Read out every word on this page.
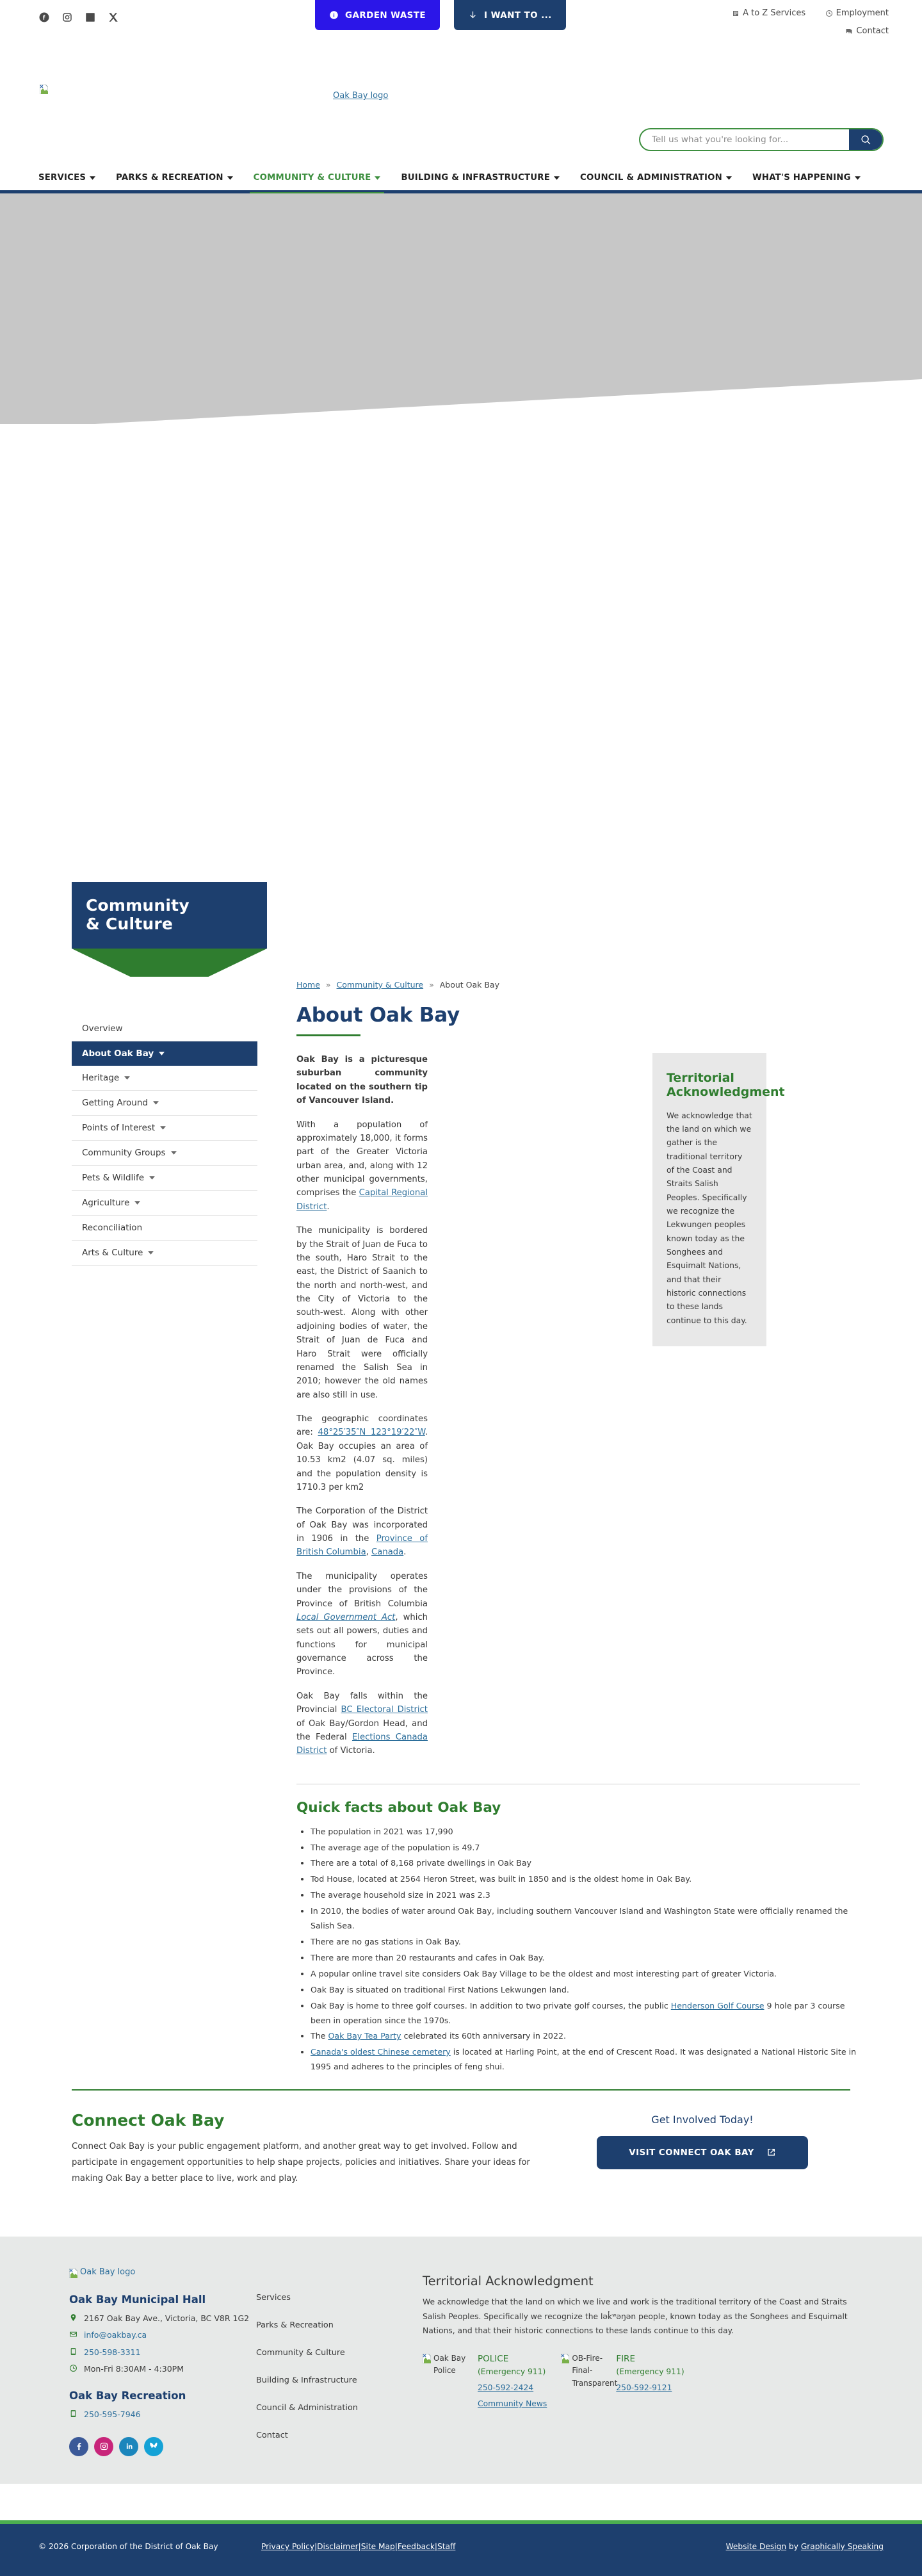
GARDEN WASTE	I WANT TO ...	A to Z Services
	Employment

Contact
Oak Bay logo
Tell us what you're looking for...
SERVICES	PARKS & RECREATION	COMMUNITY & CULTURE	BUILDING & INFRASTRUCTURE	COUNCIL & ADMINISTRATION	WHAT'S HAPPENING
Community
& Culture
Home » Community & Culture » About Oak Bay
Overview
About Oak Bay
Heritage
Getting Around
Points of Interest
Community Groups
Pets & Wildlife
Agriculture
Reconciliation
Arts & Culture
About Oak Bay
Territorial Acknowledgment

We acknowledge that the land on which we gather is the traditional territory of the Coast and Straits Salish Peoples. Specifically we recognize the Lekwungen peoples known today as the Songhees and Esquimalt Nations, and that their historic connections to these lands continue to this day.

Oak Bay is a picturesque suburban community located on the southern tip of Vancouver Island.

With a population of approximately 18,000, it forms part of the Greater Victoria urban area, and, along with 12 other municipal governments, comprises the Capital Regional District.

The municipality is bordered by the Strait of Juan de Fuca to the south, Haro Strait to the east, the District of Saanich to the north and north-west, and the City of Victoria to the south-west. Along with other adjoining bodies of water, the Strait of Juan de Fuca and Haro Strait were officially renamed the Salish Sea in 2010; however the old names are also still in use.

The geographic coordinates are: 48°25′35″N 123°19′22″W. Oak Bay occupies an area of 10.53 km2 (4.07 sq. miles) and the population density is 1710.3 per km2

The Corporation of the District of Oak Bay was incorporated in 1906 in the Province of British Columbia, Canada.

The municipality operates under the provisions of the Province of British Columbia Local Government Act, which sets out all powers, duties and functions for municipal governance across the Province.

Oak Bay falls within the Provincial BC Electoral District of Oak Bay/Gordon Head, and the Federal Elections Canada District of Victoria.

Quick facts about Oak Bay
• The population in 2021 was 17,990
• The average age of the population is 49.7
• There are a total of 8,168 private dwellings in Oak Bay
• Tod House, located at 2564 Heron Street, was built in 1850 and is the oldest home in Oak Bay.
• The average household size in 2021 was 2.3
• In 2010, the bodies of water around Oak Bay, including southern Vancouver Island and Washington State were officially renamed the Salish Sea.
• There are no gas stations in Oak Bay.
• There are more than 20 restaurants and cafes in Oak Bay.
• A popular online travel site considers Oak Bay Village to be the oldest and most interesting part of greater Victoria.
• Oak Bay is situated on traditional First Nations Lekwungen land.
• Oak Bay is home to three golf courses. In addition to two private golf courses, the public Henderson Golf Course 9 hole par 3 course been in operation since the 1970s.
• The Oak Bay Tea Party celebrated its 60th anniversary in 2022.
• Canada's oldest Chinese cemetery is located at Harling Point, at the end of Crescent Road. It was designated a National Historic Site in 1995 and adheres to the principles of feng shui.
Connect Oak Bay

Connect Oak Bay is your public engagement platform, and another great way to get involved. Follow and participate in engagement opportunities to help shape projects, policies and initiatives. Share your ideas for making Oak Bay a better place to live, work and play.

Get Involved Today!
VISIT CONNECT OAK BAY
Oak Bay logo
Oak Bay Municipal Hall
2167 Oak Bay Ave., Victoria, BC V8R 1G2
info@oakbay.ca
250-598-3311
Mon-Fri 8:30AM - 4:30PM
Oak Bay Recreation
250-595-7946
Services
Parks & Recreation
Community & Culture
Building & Infrastructure
Council & Administration
Contact
Territorial Acknowledgment

We acknowledge that the land on which we live and work is the traditional territory of the Coast and Straits Salish Peoples. Specifically we recognize the lək̓ʷəŋən people, known today as the Songhees and Esquimalt Nations, and that their historic connections to these lands continue to this day.

Oak Bay Police
POLICE
(Emergency 911)
250-592-2424
Community News
OB-Fire-Final-Transparent
FIRE
(Emergency 911)
250-592-9121
© 2026 Corporation of the District of Oak Bay	Privacy Policy|Disclaimer|Site Map|Feedback|Staff	Website Design by Graphically Speaking
